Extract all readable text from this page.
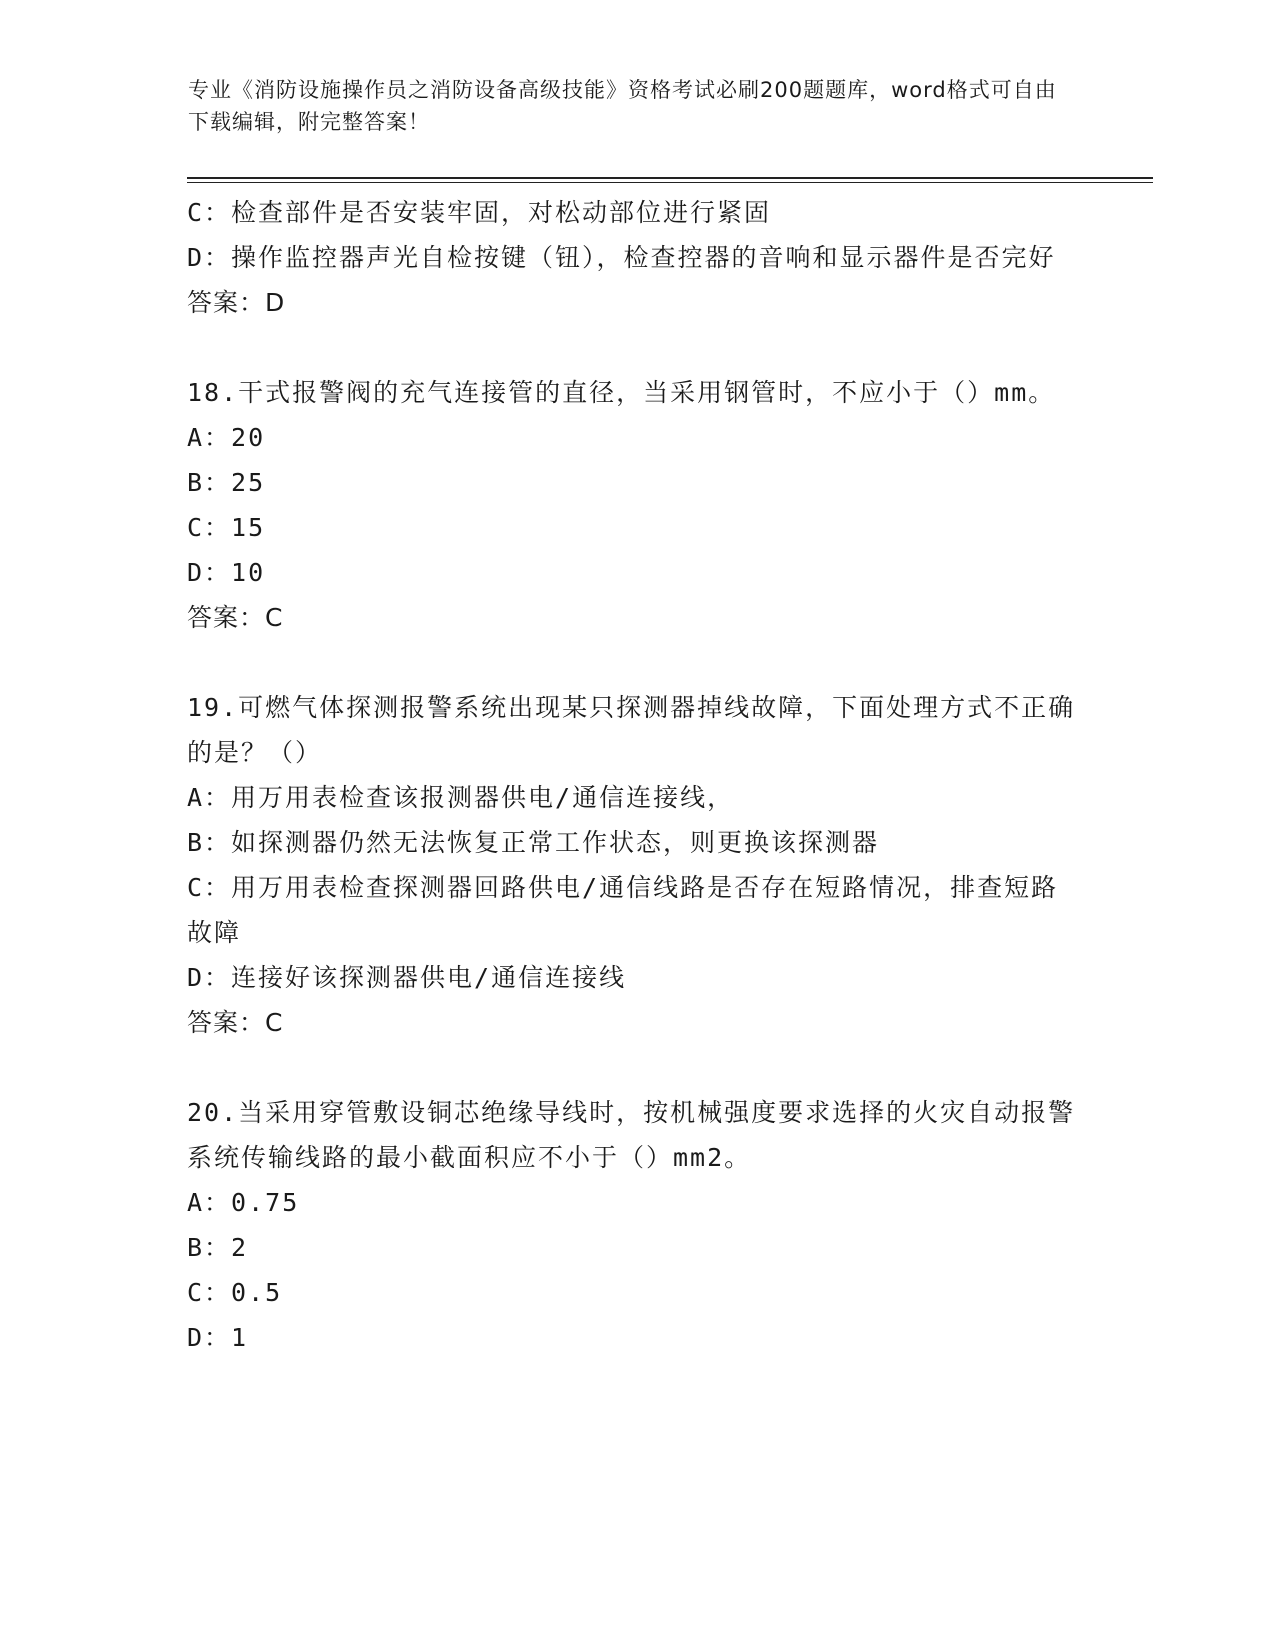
专业《消防设施操作员之消防设备高级技能》资格考试必刷200题题库，word格式可自由下载编辑，附完整答案！
C：检查部件是否安装牢固，对松动部位进行紧固
D：操作监控器声光自检按键（钮），检查控器的音响和显示器件是否完好
答案：D
18.干式报警阀的充气连接管的直径，当采用钢管时，不应小于（）mm。
A：20
B：25
C：15
D：10
答案：C
19.可燃气体探测报警系统出现某只探测器掉线故障，下面处理方式不正确的是？（）
A：用万用表检查该报测器供电/通信连接线，
B：如探测器仍然无法恢复正常工作状态，则更换该探测器
C：用万用表检查探测器回路供电/通信线路是否存在短路情况，排查短路故障
D：连接好该探测器供电/通信连接线
答案：C
20.当采用穿管敷设铜芯绝缘导线时，按机械强度要求选择的火灾自动报警系统传输线路的最小截面积应不小于（）mm2。
A：0.75
B：2
C：0.5
D：1
